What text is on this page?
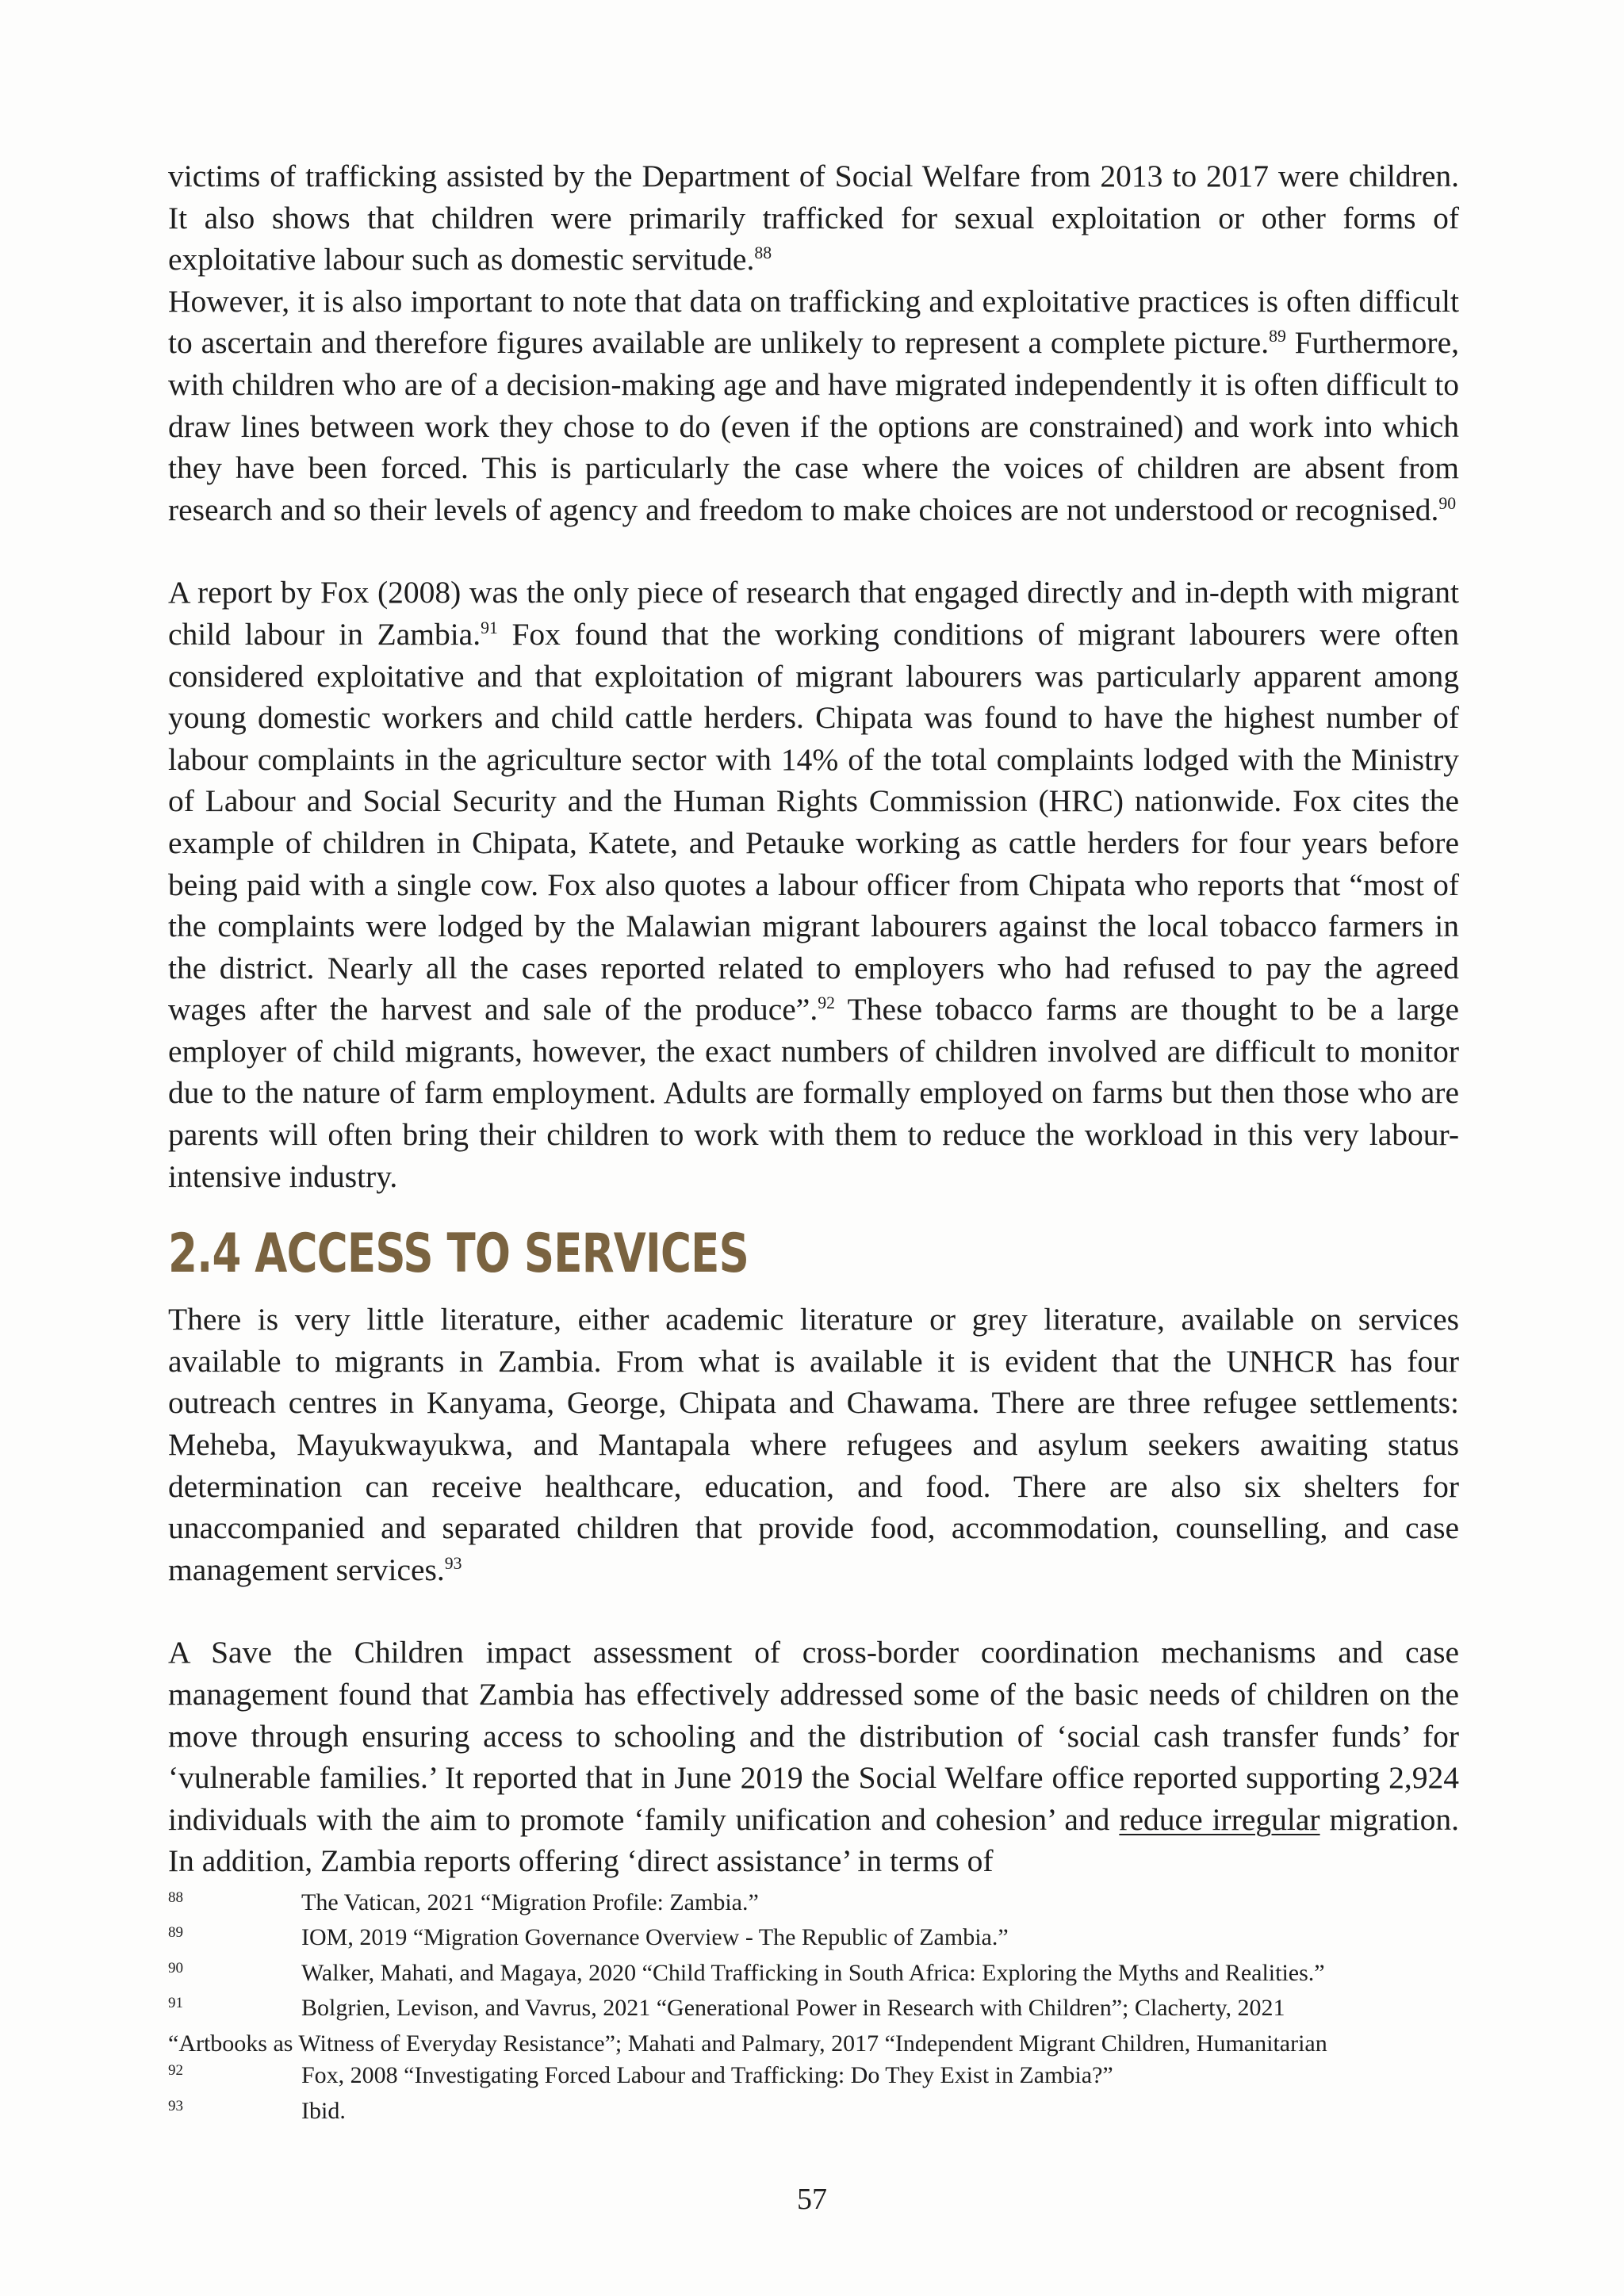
victims of trafficking assisted by the Department of Social Welfare from 2013 to 2017 were children. It also shows that children were primarily trafficked for sexual exploitation or other forms of exploitative labour such as domestic servitude.$^{88}$

However, it is also important to note that data on trafficking and exploitative practices is often difficult to ascertain and therefore figures available are unlikely to represent a complete picture.$^{89}$ Furthermore, with children who are of a decision-making age and have migrated independently it is often difficult to draw lines between work they chose to do (even if the options are constrained) and work into which they have been forced. This is particularly the case where the voices of children are absent from research and so their levels of agency and freedom to make choices are not understood or recognised.$^{90}$

A report by Fox (2008) was the only piece of research that engaged directly and in-depth with migrant child labour in Zambia.$^{91}$ Fox found that the working conditions of migrant labourers were often considered exploitative and that exploitation of migrant labourers was particularly apparent among young domestic workers and child cattle herders. Chipata was found to have the highest number of labour complaints in the agriculture sector with 14% of the total complaints lodged with the Ministry of Labour and Social Security and the Human Rights Commission (HRC) nationwide. Fox cites the example of children in Chipata, Katete, and Petauke working as cattle herders for four years before being paid with a single cow. Fox also quotes a labour officer from Chipata who reports that “most of the complaints were lodged by the Malawian migrant labourers against the local tobacco farmers in the district. Nearly all the cases reported related to employers who had refused to pay the agreed wages after the harvest and sale of the produce”.$^{92}$ These tobacco farms are thought to be a large employer of child migrants, however, the exact numbers of children involved are difficult to monitor due to the nature of farm employment. Adults are formally employed on farms but then those who are parents will often bring their children to work with them to reduce the workload in this very labour-intensive industry.

2.4 ACCESS TO SERVICES

There is very little literature, either academic literature or grey literature, available on services available to migrants in Zambia. From what is available it is evident that the UNHCR has four outreach centres in Kanyama, George, Chipata and Chawama. There are three refugee settlements: Meheba, Mayukwayukwa, and Mantapala where refugees and asylum seekers awaiting status determination can receive healthcare, education, and food. There are also six shelters for unaccompanied and separated children that provide food, accommodation, counselling, and case management services.$^{93}$

A Save the Children impact assessment of cross-border coordination mechanisms and case management found that Zambia has effectively addressed some of the basic needs of children on the move through ensuring access to schooling and the distribution of ‘social cash transfer funds’ for ‘vulnerable families.’ It reported that in June 2019 the Social Welfare office reported supporting 2,924 individuals with the aim to promote ‘family unification and cohesion’ and reduce irregular migration. In addition, Zambia reports offering ‘direct assistance’ in terms of

88	The Vatican, 2021 “Migration Profile: Zambia.”
89	IOM, 2019 “Migration Governance Overview - The Republic of Zambia.”
90	Walker, Mahati, and Magaya, 2020 “Child Trafficking in South Africa: Exploring the Myths and Realities.”
91	Bolgrien, Levison, and Vavrus, 2021 “Generational Power in Research with Children”; Clacherty, 2021
“Artbooks as Witness of Everyday Resistance”; Mahati and Palmary, 2017 “Independent Migrant Children, Humanitarian
92	Fox, 2008 “Investigating Forced Labour and Trafficking: Do They Exist in Zambia?”
93	Ibid.
57
